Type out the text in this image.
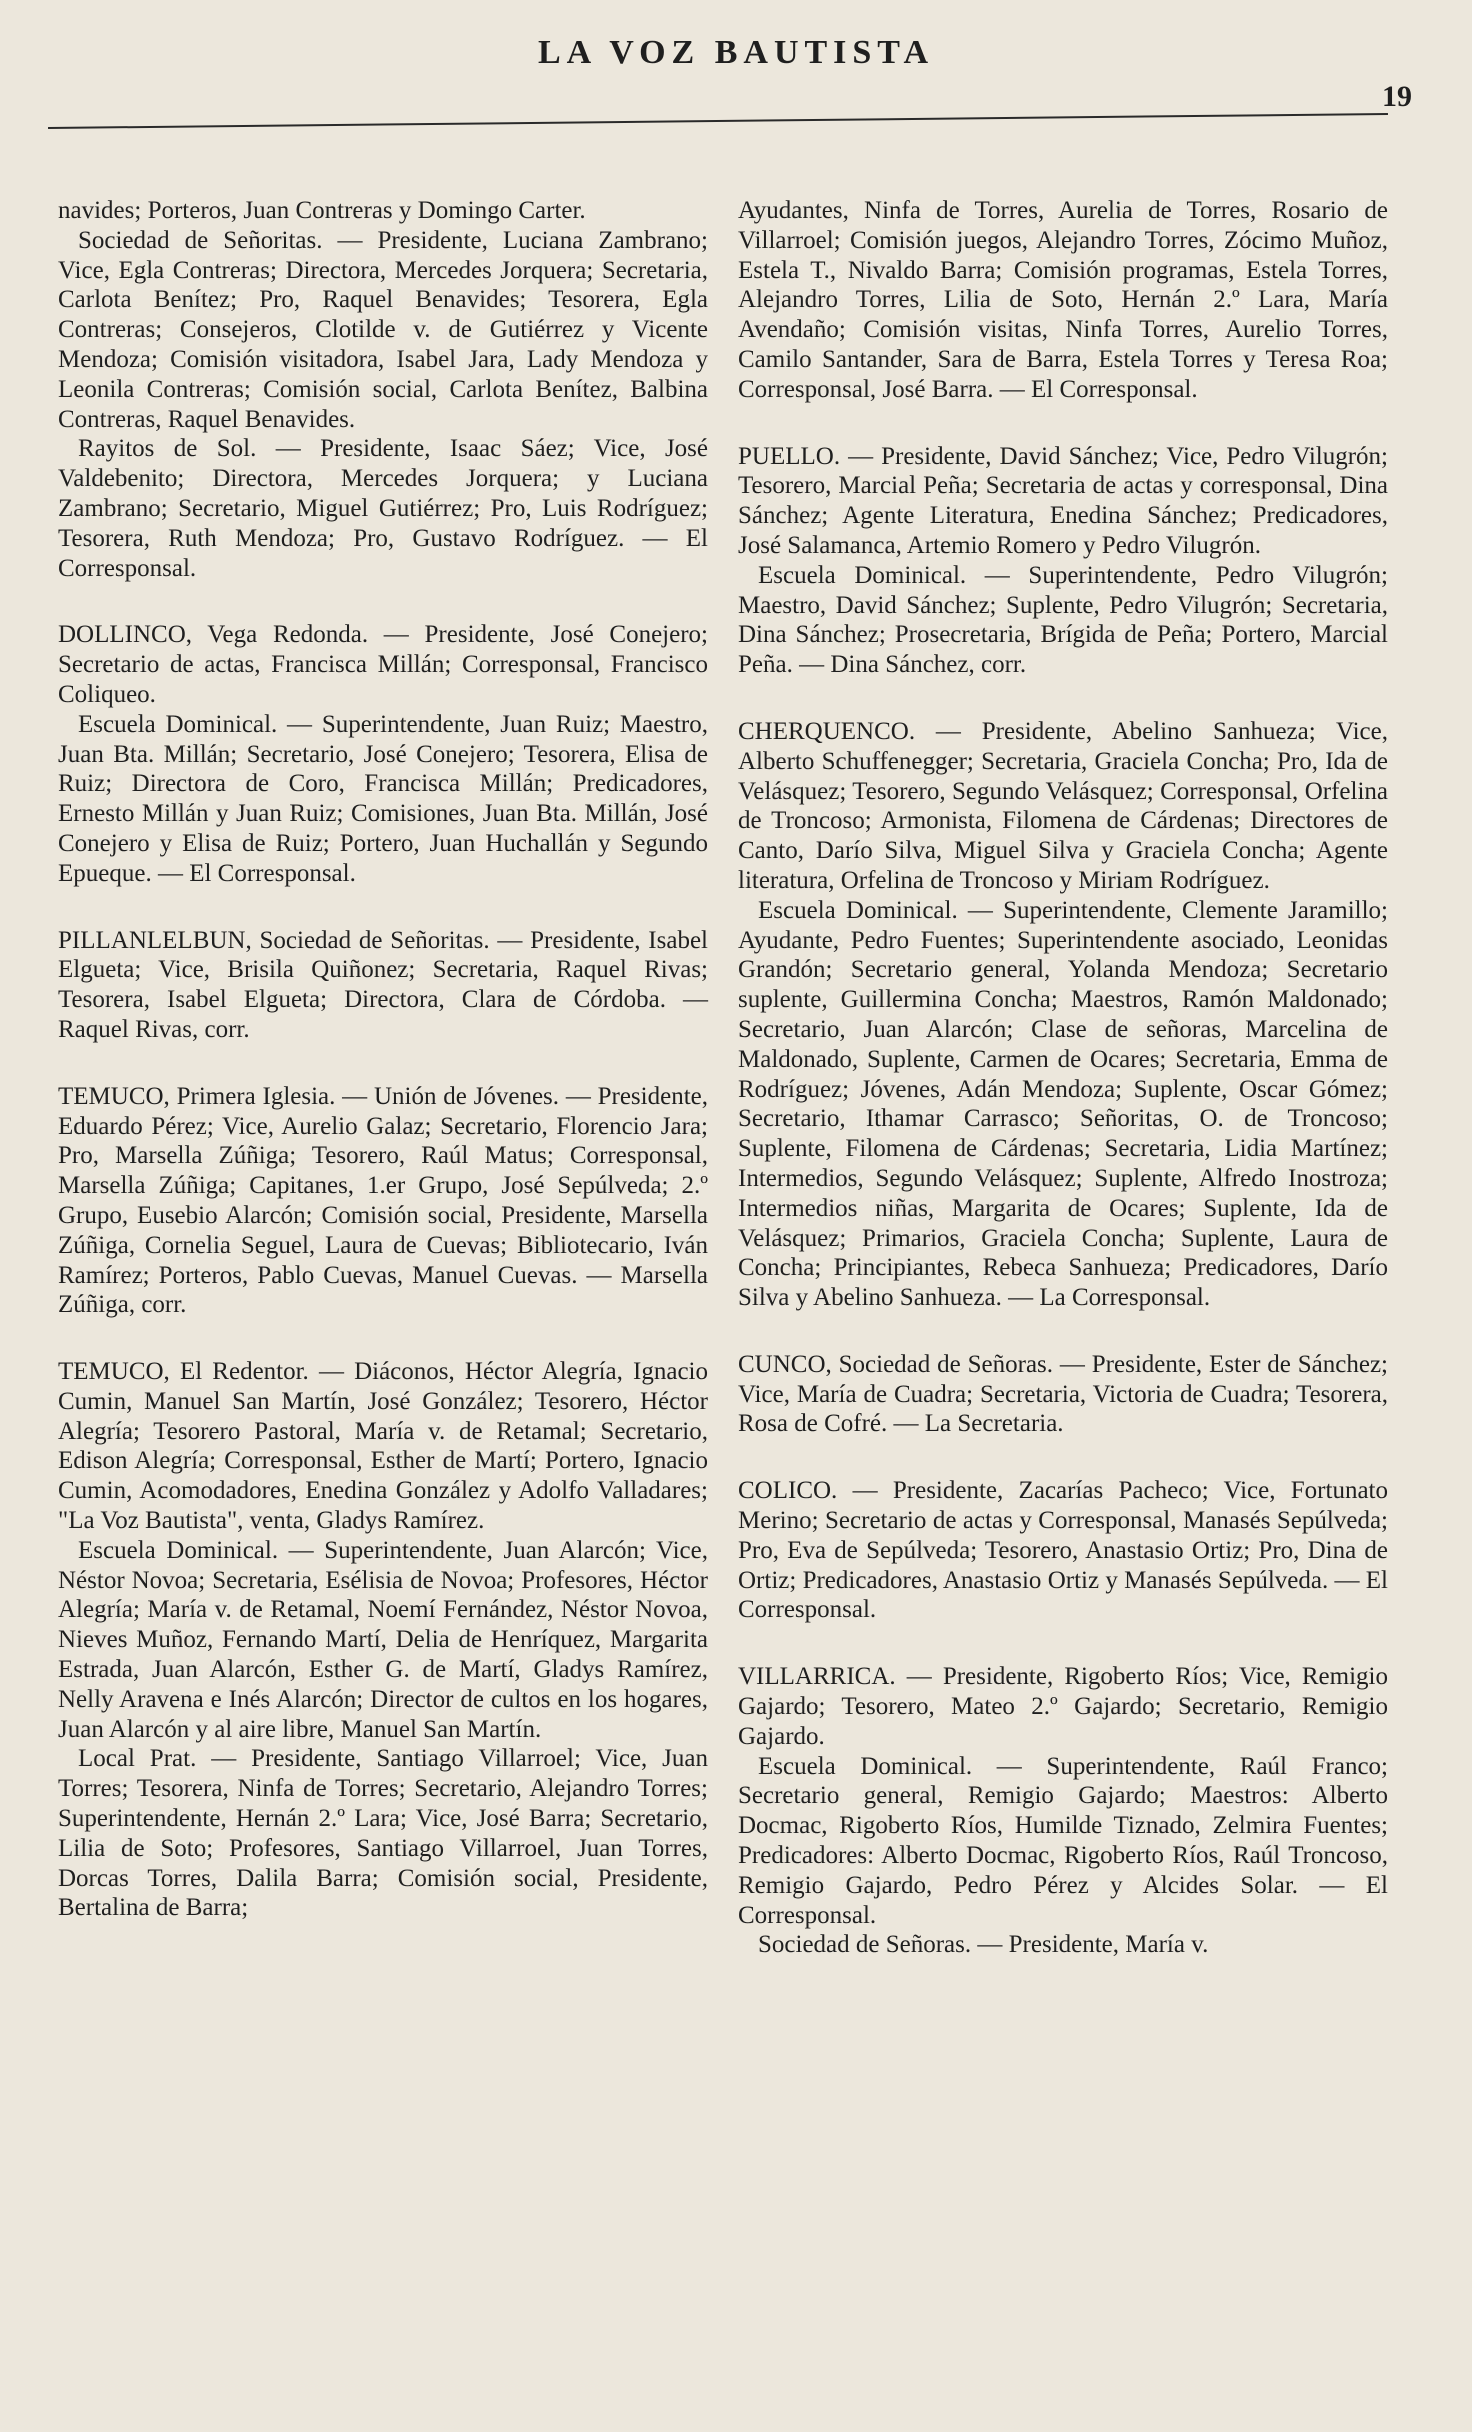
LA VOZ BAUTISTA
19

navides; Porteros, Juan Contreras y Domingo Carter.

Sociedad de Señoritas. — Presidente, Luciana Zambrano; Vice, Egla Contreras; Directora, Mercedes Jorquera; Secretaria, Carlota Benítez; Pro, Raquel Benavides; Tesorera, Egla Contreras; Consejeros, Clotilde v. de Gutiérrez y Vicente Mendoza; Comisión visitadora, Isabel Jara, Lady Mendoza y Leonila Contreras; Comisión social, Carlota Benítez, Balbina Contreras, Raquel Benavides.

Rayitos de Sol. — Presidente, Isaac Sáez; Vice, José Valdebenito; Directora, Mercedes Jorquera; y Luciana Zambrano; Secretario, Miguel Gutiérrez; Pro, Luis Rodríguez; Tesorera, Ruth Mendoza; Pro, Gustavo Rodríguez. — El Corresponsal.

DOLLINCO, Vega Redonda. — Presidente, José Conejero; Secretario de actas, Francisca Millán; Corresponsal, Francisco Coliqueo.

Escuela Dominical. — Superintendente, Juan Ruiz; Maestro, Juan Bta. Millán; Secretario, José Conejero; Tesorera, Elisa de Ruiz; Directora de Coro, Francisca Millán; Predicadores, Ernesto Millán y Juan Ruiz; Comisiones, Juan Bta. Millán, José Conejero y Elisa de Ruiz; Portero, Juan Huchallán y Segundo Epueque. — El Corresponsal.

PILLANLELBUN, Sociedad de Señoritas. — Presidente, Isabel Elgueta; Vice, Brisila Quiñonez; Secretaria, Raquel Rivas; Tesorera, Isabel Elgueta; Directora, Clara de Córdoba. — Raquel Rivas, corr.

TEMUCO, Primera Iglesia. — Unión de Jóvenes. — Presidente, Eduardo Pérez; Vice, Aurelio Galaz; Secretario, Florencio Jara; Pro, Marsella Zúñiga; Tesorero, Raúl Matus; Corresponsal, Marsella Zúñiga; Capitanes, 1.er Grupo, José Sepúlveda; 2.º Grupo, Eusebio Alarcón; Comisión social, Presidente, Marsella Zúñiga, Cornelia Seguel, Laura de Cuevas; Bibliotecario, Iván Ramírez; Porteros, Pablo Cuevas, Manuel Cuevas. — Marsella Zúñiga, corr.

TEMUCO, El Redentor. — Diáconos, Héctor Alegría, Ignacio Cumin, Manuel San Martín, José González; Tesorero, Héctor Alegría; Tesorero Pastoral, María v. de Retamal; Secretario, Edison Alegría; Corresponsal, Esther de Martí; Portero, Ignacio Cumin, Acomodadores, Enedina González y Adolfo Valladares; "La Voz Bautista", venta, Gladys Ramírez.

Escuela Dominical. — Superintendente, Juan Alarcón; Vice, Néstor Novoa; Secretaria, Esélisia de Novoa; Profesores, Héctor Alegría; María v. de Retamal, Noemí Fernández, Néstor Novoa, Nieves Muñoz, Fernando Martí, Delia de Henríquez, Margarita Estrada, Juan Alarcón, Esther G. de Martí, Gladys Ramírez, Nelly Aravena e Inés Alarcón; Director de cultos en los hogares, Juan Alarcón y al aire libre, Manuel San Martín.

Local Prat. — Presidente, Santiago Villarroel; Vice, Juan Torres; Tesorera, Ninfa de Torres; Secretario, Alejandro Torres; Superintendente, Hernán 2.º Lara; Vice, José Barra; Secretario, Lilia de Soto; Profesores, Santiago Villarroel, Juan Torres, Dorcas Torres, Dalila Barra; Comisión social, Presidente, Bertalina de Barra;

Ayudantes, Ninfa de Torres, Aurelia de Torres, Rosario de Villarroel; Comisión juegos, Alejandro Torres, Zócimo Muñoz, Estela T., Nivaldo Barra; Comisión programas, Estela Torres, Alejandro Torres, Lilia de Soto, Hernán 2.º Lara, María Avendaño; Comisión visitas, Ninfa Torres, Aurelio Torres, Camilo Santander, Sara de Barra, Estela Torres y Teresa Roa; Corresponsal, José Barra. — El Corresponsal.

PUELLO. — Presidente, David Sánchez; Vice, Pedro Vilugrón; Tesorero, Marcial Peña; Secretaria de actas y corresponsal, Dina Sánchez; Agente Literatura, Enedina Sánchez; Predicadores, José Salamanca, Artemio Romero y Pedro Vilugrón.

Escuela Dominical. — Superintendente, Pedro Vilugrón; Maestro, David Sánchez; Suplente, Pedro Vilugrón; Secretaria, Dina Sánchez; Prosecretaria, Brígida de Peña; Portero, Marcial Peña. — Dina Sánchez, corr.

CHERQUENCO. — Presidente, Abelino Sanhueza; Vice, Alberto Schuffenegger; Secretaria, Graciela Concha; Pro, Ida de Velásquez; Tesorero, Segundo Velásquez; Corresponsal, Orfelina de Troncoso; Armonista, Filomena de Cárdenas; Directores de Canto, Darío Silva, Miguel Silva y Graciela Concha; Agente literatura, Orfelina de Troncoso y Miriam Rodríguez.

Escuela Dominical. — Superintendente, Clemente Jaramillo; Ayudante, Pedro Fuentes; Superintendente asociado, Leonidas Grandón; Secretario general, Yolanda Mendoza; Secretario suplente, Guillermina Concha; Maestros, Ramón Maldonado; Secretario, Juan Alarcón; Clase de señoras, Marcelina de Maldonado, Suplente, Carmen de Ocares; Secretaria, Emma de Rodríguez; Jóvenes, Adán Mendoza; Suplente, Oscar Gómez; Secretario, Ithamar Carrasco; Señoritas, O. de Troncoso; Suplente, Filomena de Cárdenas; Secretaria, Lidia Martínez; Intermedios, Segundo Velásquez; Suplente, Alfredo Inostroza; Intermedios niñas, Margarita de Ocares; Suplente, Ida de Velásquez; Primarios, Graciela Concha; Suplente, Laura de Concha; Principiantes, Rebeca Sanhueza; Predicadores, Darío Silva y Abelino Sanhueza. — La Corresponsal.

CUNCO, Sociedad de Señoras. — Presidente, Ester de Sánchez; Vice, María de Cuadra; Secretaria, Victoria de Cuadra; Tesorera, Rosa de Cofré. — La Secretaria.

COLICO. — Presidente, Zacarías Pacheco; Vice, Fortunato Merino; Secretario de actas y Corresponsal, Manasés Sepúlveda; Pro, Eva de Sepúlveda; Tesorero, Anastasio Ortiz; Pro, Dina de Ortiz; Predicadores, Anastasio Ortiz y Manasés Sepúlveda. — El Corresponsal.

VILLARRICA. — Presidente, Rigoberto Ríos; Vice, Remigio Gajardo; Tesorero, Mateo 2.º Gajardo; Secretario, Remigio Gajardo.

Escuela Dominical. — Superintendente, Raúl Franco; Secretario general, Remigio Gajardo; Maestros: Alberto Docmac, Rigoberto Ríos, Humilde Tiznado, Zelmira Fuentes; Predicadores: Alberto Docmac, Rigoberto Ríos, Raúl Troncoso, Remigio Gajardo, Pedro Pérez y Alcides Solar. — El Corresponsal.

Sociedad de Señoras. — Presidente, María v.
